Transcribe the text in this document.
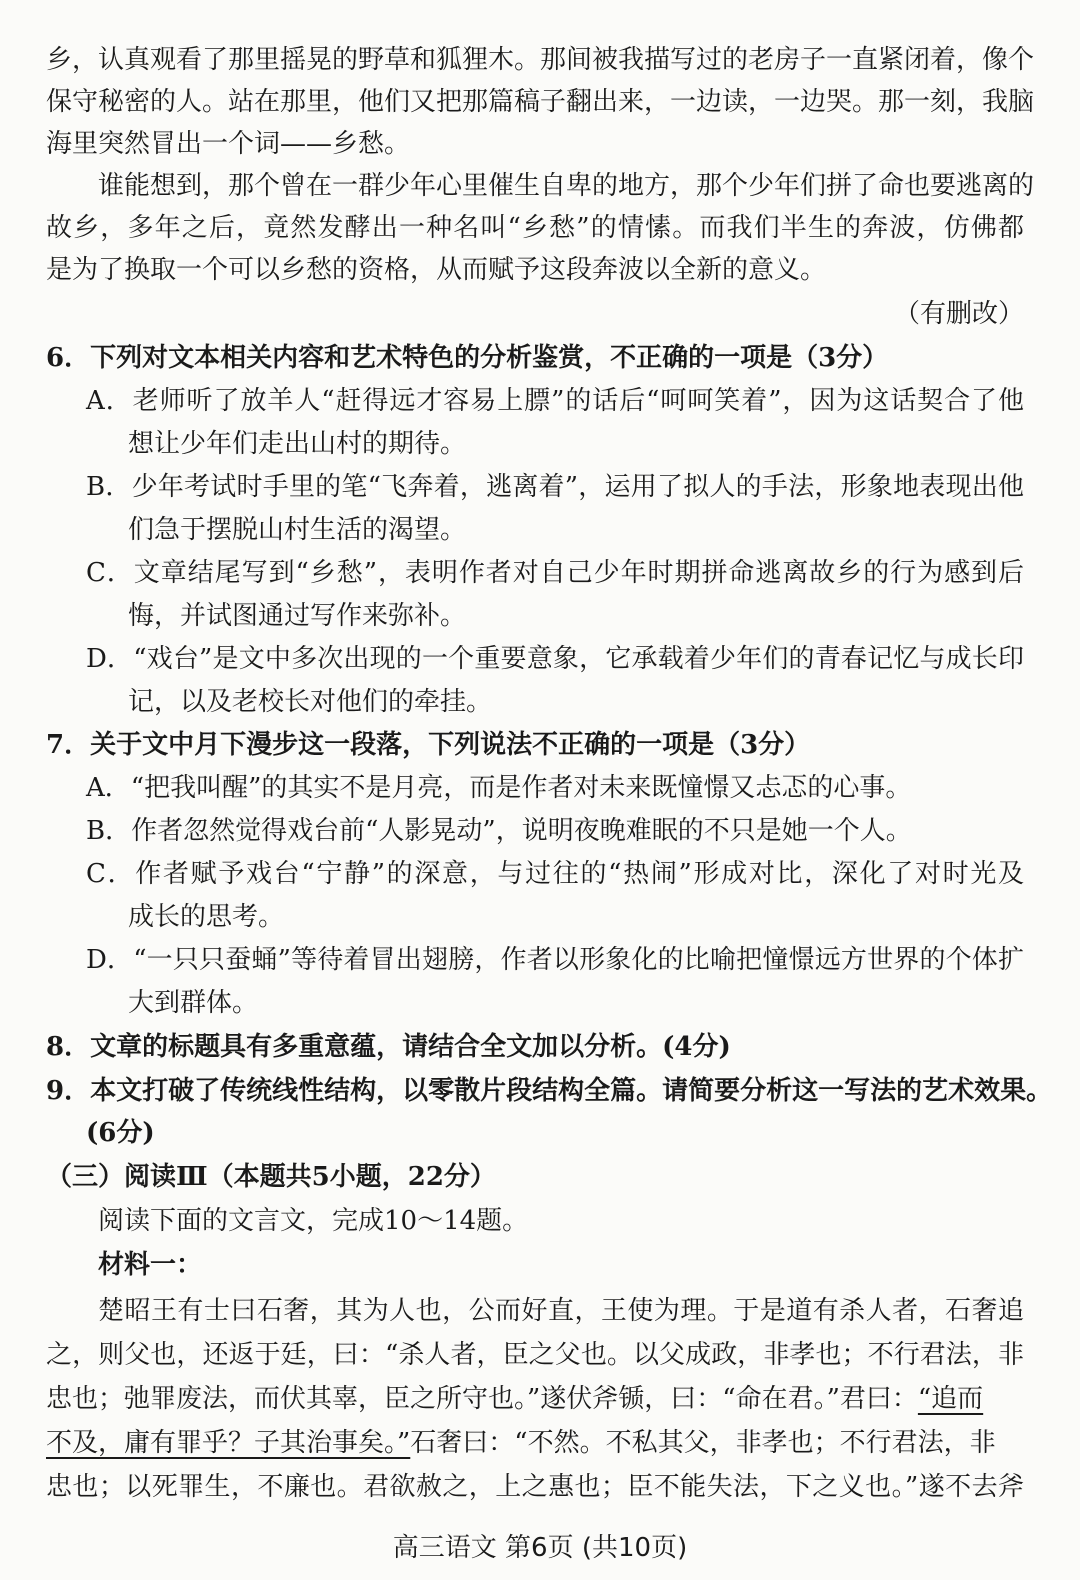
乡，认真观看了那里摇晃的野草和狐狸木。那间被我描写过的老房子一直紧闭着，像个
保守秘密的人。站在那里，他们又把那篇稿子翻出来，一边读，一边哭。那一刻，我脑
海里突然冒出一个词——乡愁。
谁能想到，那个曾在一群少年心里催生自卑的地方，那个少年们拼了命也要逃离的
故乡，多年之后，竟然发酵出一种名叫“乡愁”的情愫。而我们半生的奔波，仿佛都
是为了换取一个可以乡愁的资格，从而赋予这段奔波以全新的意义。
（有删改）
6．下列对文本相关内容和艺术特色的分析鉴赏，不正确的一项是（3分）
A．老师听了放羊人“赶得远才容易上膘”的话后“呵呵笑着”，因为这话契合了他
想让少年们走出山村的期待。
B．少年考试时手里的笔“飞奔着，逃离着”，运用了拟人的手法，形象地表现出他
们急于摆脱山村生活的渴望。
C．文章结尾写到“乡愁”，表明作者对自己少年时期拼命逃离故乡的行为感到后
悔，并试图通过写作来弥补。
D．“戏台”是文中多次出现的一个重要意象，它承载着少年们的青春记忆与成长印
记，以及老校长对他们的牵挂。
7．关于文中月下漫步这一段落，下列说法不正确的一项是（3分）
A．“把我叫醒”的其实不是月亮，而是作者对未来既憧憬又忐忑的心事。
B．作者忽然觉得戏台前“人影晃动”，说明夜晚难眠的不只是她一个人。
C．作者赋予戏台“宁静”的深意，与过往的“热闹”形成对比，深化了对时光及
成长的思考。
D．“一只只蚕蛹”等待着冒出翅膀，作者以形象化的比喻把憧憬远方世界的个体扩
大到群体。
8．文章的标题具有多重意蕴，请结合全文加以分析。(4分)
9．本文打破了传统线性结构，以零散片段结构全篇。请简要分析这一写法的艺术效果。
(6分)
（三）阅读Ⅲ（本题共5小题，22分）
阅读下面的文言文，完成10～14题。
材料一：
楚昭王有士曰石奢，其为人也，公而好直，王使为理。于是道有杀人者，石奢追
之，则父也，还返于廷，曰：“杀人者，臣之父也。以父成政，非孝也；不行君法，非
忠也；弛罪废法，而伏其辜，臣之所守也。”遂伏斧锧，曰：“命在君。”君曰：“追而
不及，庸有罪乎？子其治事矣。”石奢曰：“不然。不私其父，非孝也；不行君法，非
忠也；以死罪生，不廉也。君欲赦之，上之惠也；臣不能失法，下之义也。”遂不去斧
高三语文 第6页 (共10页)
